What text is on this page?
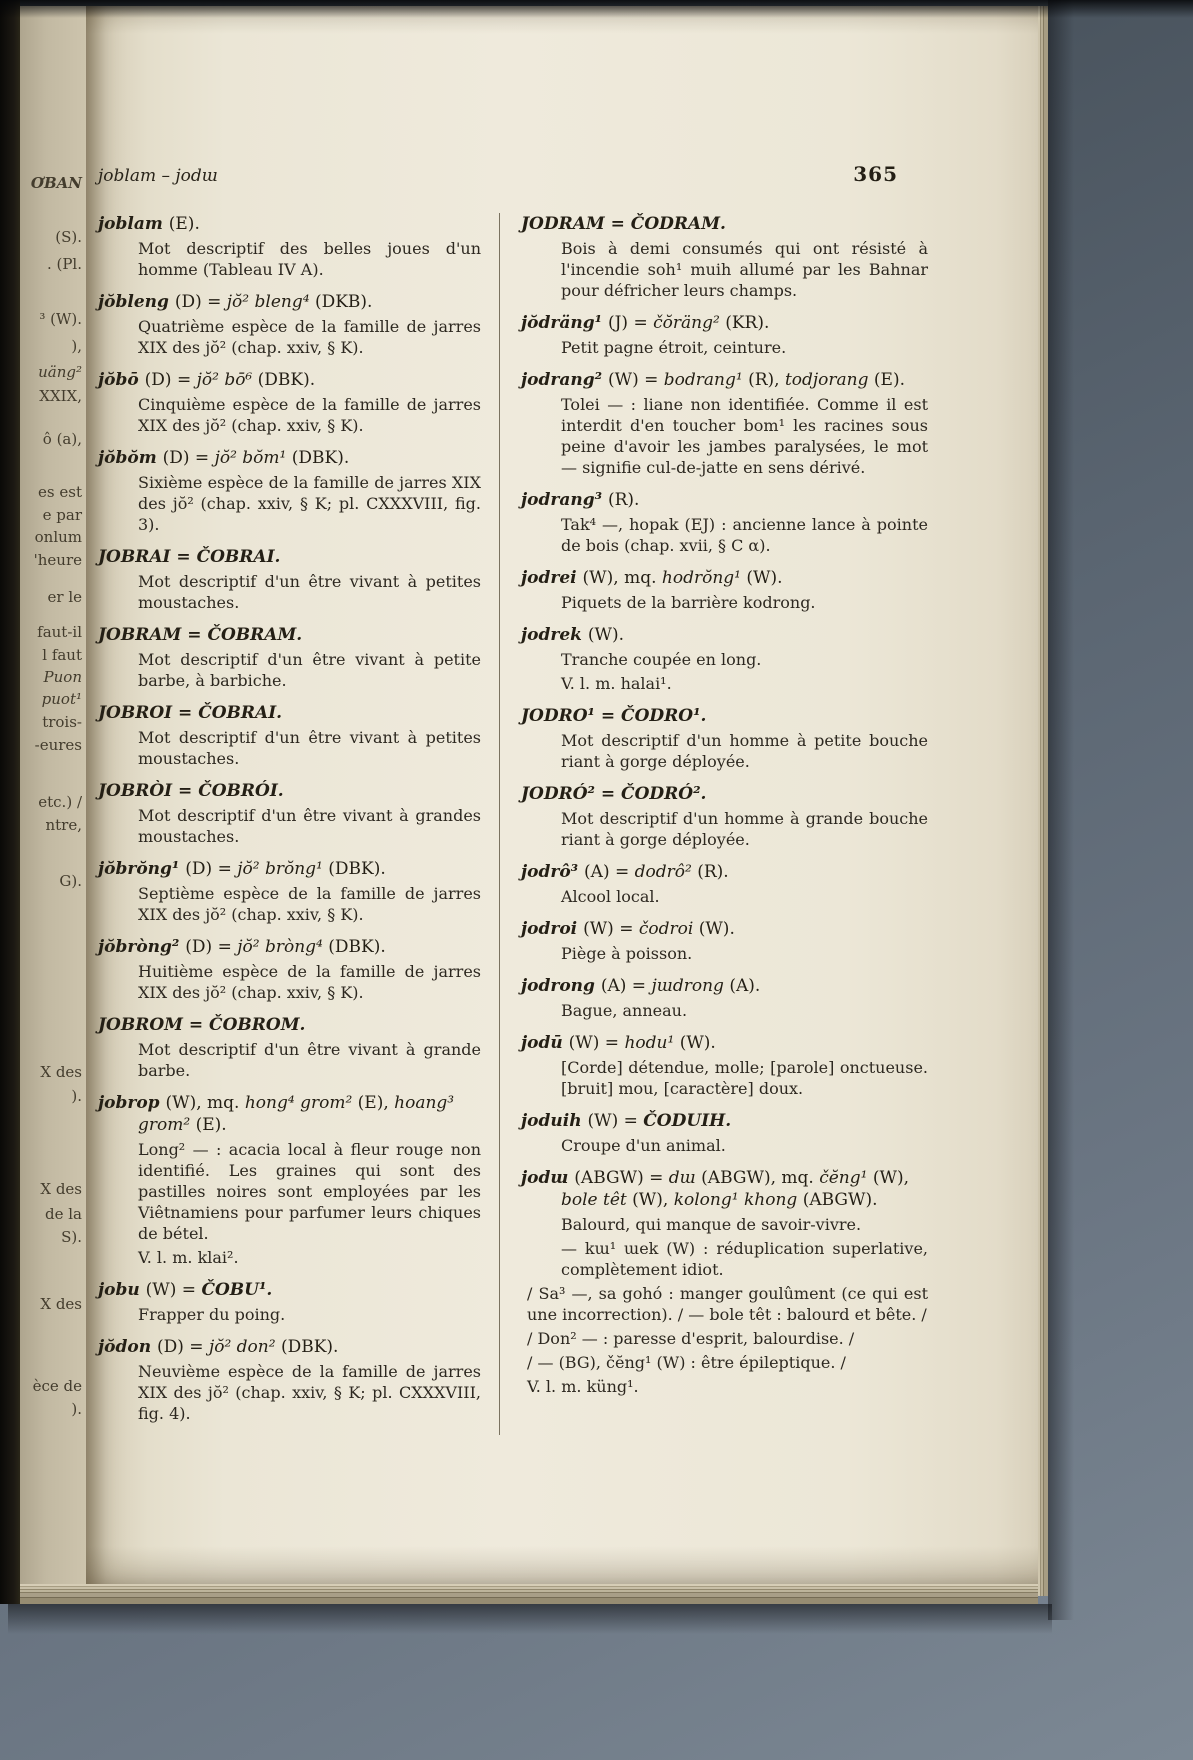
ƠBAN
(S).
. (Pl.
³ (W).
),
uäng²
XXIX,
ô (a),
es est
e par
onlum
'heure
er le
faut-il
l faut
Puon
puot¹
trois-
-eures
etc.) /
ntre,
G).
X des
).
X des
de la
S).
X des
èce de
).
joblam – jodɯ	365
joblam (E).

Mot descriptif des belles joues d'un homme (Tableau IV A).

jŏbleng (D) = jŏ² bleng⁴ (DKB).

Quatrième espèce de la famille de jarres XIX des jŏ² (chap. xxiv, § K).

jŏbō (D) = jŏ² bō⁶ (DBK).

Cinquième espèce de la famille de jarres XIX des jŏ² (chap. xxiv, § K).

jŏbŏm (D) = jŏ² bŏm¹ (DBK).

Sixième espèce de la famille de jarres XIX des jŏ² (chap. xxiv, § K; pl. CXXXVIII, fig. 3).

JOBRAI = ČOBRAI.

Mot descriptif d'un être vivant à petites moustaches.

JOBRAM = ČOBRAM.

Mot descriptif d'un être vivant à petite barbe, à barbiche.

JOBROI = ČOBRAI.

Mot descriptif d'un être vivant à petites moustaches.

JOBRÒI = ČOBRÓI.

Mot descriptif d'un être vivant à grandes moustaches.

jŏbrŏng¹ (D) = jŏ² brŏng¹ (DBK).

Septième espèce de la famille de jarres XIX des jŏ² (chap. xxiv, § K).

jŏbròng² (D) = jŏ² bròng⁴ (DBK).

Huitième espèce de la famille de jarres XIX des jŏ² (chap. xxiv, § K).

JOBROM = ČOBROM.

Mot descriptif d'un être vivant à grande barbe.

jobrop (W), mq. hong⁴ grom² (E), hoang³ grom² (E).

Long² — : acacia local à fleur rouge non identifié. Les graines qui sont des pastilles noires sont employées par les Viêtnamiens pour parfumer leurs chiques de bétel.

V. l. m. klai².

jobu (W) = ČOBU¹.

Frapper du poing.

jŏdon (D) = jŏ² don² (DBK).

Neuvième espèce de la famille de jarres XIX des jŏ² (chap. xxiv, § K; pl. CXXXVIII, fig. 4).

JODRAM = ČODRAM.

Bois à demi consumés qui ont résisté à l'incendie soh¹ muih allumé par les Bahnar pour défricher leurs champs.

jŏdräng¹ (J) = čŏräng² (KR).

Petit pagne étroit, ceinture.

jodrang² (W) = bodrang¹ (R), todjorang (E).

Tolei — : liane non identifiée. Comme il est interdit d'en toucher bom¹ les racines sous peine d'avoir les jambes paralysées, le mot — signifie cul-de-jatte en sens dérivé.

jodrang³ (R).

Tak⁴ —, hopak (EJ) : ancienne lance à pointe de bois (chap. xvii, § C α).

jodrei (W), mq. hodrŏng¹ (W).

Piquets de la barrière kodrong.

jodrek (W).

Tranche coupée en long.

V. l. m. halai¹.

JODRO¹ = ČODRO¹.

Mot descriptif d'un homme à petite bouche riant à gorge déployée.

JODRÓ² = ČODRÓ².

Mot descriptif d'un homme à grande bouche riant à gorge déployée.

jodrô³ (A) = dodrô² (R).

Alcool local.

jodroi (W) = čodroi (W).

Piège à poisson.

jodrong (A) = jɯdrong (A).

Bague, anneau.

jodū (W) = hodu¹ (W).

[Corde] détendue, molle; [parole] onctueuse. [bruit] mou, [caractère] doux.

joduih (W) = ČODUIH.

Croupe d'un animal.

jodɯ (ABGW) = dɯ (ABGW), mq. čĕng¹ (W), bole têt (W), kolong¹ khong (ABGW).

Balourd, qui manque de savoir-vivre.

— kɯ¹ ɯek (W) : réduplication superlative, complètement idiot.

/ Sa³ —, sa gohó : manger goulûment (ce qui est une incorrection). / — bole têt : balourd et bête. /

/ Don² — : paresse d'esprit, balourdise. /

/ — (BG), čĕng¹ (W) : être épileptique. /

V. l. m. küng¹.
